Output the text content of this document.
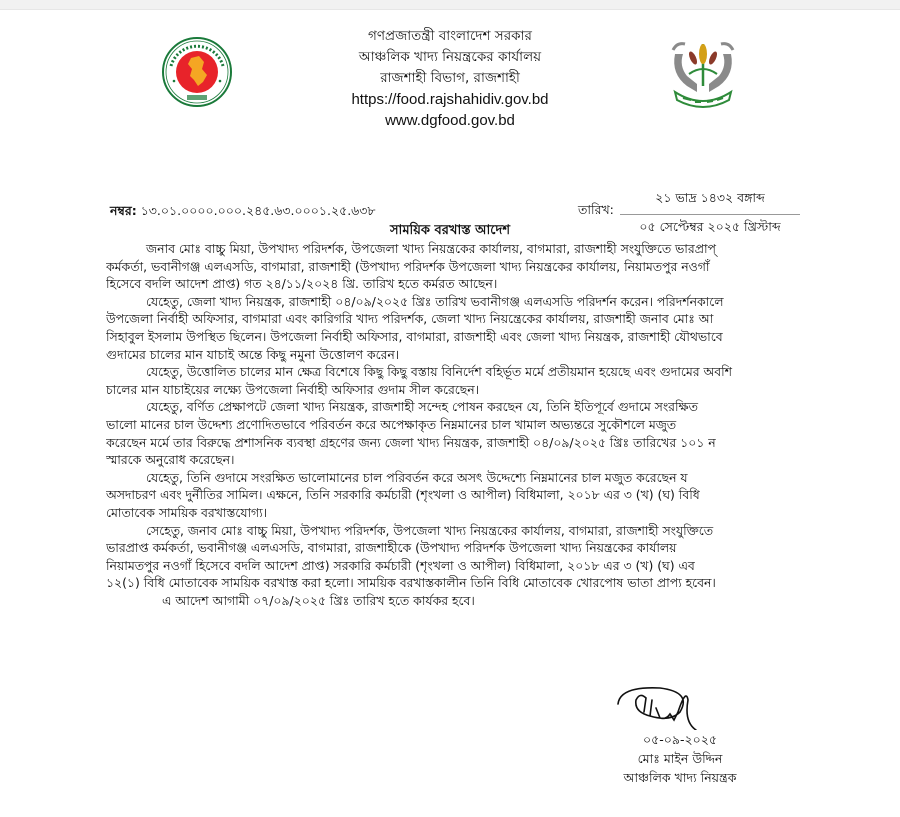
গণপ্রজাতন্ত্রী বাংলাদেশ সরকার
আঞ্চলিক খাদ্য নিয়ন্ত্রকের কার্যালয়
রাজশাহী বিভাগ, রাজশাহী
https://food.rajshahidiv.gov.bd
www.dgfood.gov.bd
তারিখ:
২১ ভাদ্র ১৪৩২ বঙ্গাব্দ
০৫ সেপ্টেম্বর ২০২৫ খ্রিস্টাব্দ
নম্বর: ১৩.০১.০০০০.০০০.২৪৫.৬৩.০০০১.২৫.৬৩৮
সাময়িক বরখাস্ত আদেশ
জনাব মোঃ বাচ্চু মিয়া, উপখাদ্য পরিদর্শক, উপজেলা খাদ্য নিয়ন্ত্রকের কার্যালয়, বাগমারা, রাজশাহী সংযুক্তিতে ভারপ্রাপ্
কর্মকর্তা, ভবানীগঞ্জ এলএসডি, বাগমারা, রাজশাহী (উপখাদ্য পরিদর্শক উপজেলা খাদ্য নিয়ন্ত্রকের কার্যালয়, নিয়ামতপুর নওগাঁ
হিসেবে বদলি আদেশ প্রাপ্ত) গত ২৪/১১/২০২৪ খ্রি. তারিখ হতে কর্মরত আছেন।
যেহেতু, জেলা খাদ্য নিয়ন্ত্রক, রাজশাহী ০৪/০৯/২০২৫ খ্রিঃ তারিখ ভবানীগঞ্জ এলএসডি পরিদর্শন করেন। পরিদর্শনকালে
উপজেলা নির্বাহী অফিসার, বাগমারা এবং কারিগরি খাদ্য পরিদর্শক, জেলা খাদ্য নিয়ন্ত্রেকের কার্যালয়, রাজশাহী জনাব মোঃ আ
সিহাবুল ইসলাম উপস্থিত ছিলেন। উপজেলা নির্বাহী অফিসার, বাগমারা, রাজশাহী এবং জেলা খাদ্য নিয়ন্ত্রক, রাজশাহী যৌথভাবে
গুদামের চালের মান যাচাই অন্তে কিছু নমুনা উত্তোলণ করেন।
যেহেতু, উত্তোলিত চালের মান ক্ষেত্র বিশেষে কিছু কিছু বস্তায় বিনির্দেশ বহির্ভূত মর্মে প্রতীয়মান হয়েছে এবং গুদামের অবশি
চালের মান যাচাইয়ের লক্ষ্যে উপজেলা নির্বাহী অফিসার গুদাম সীল করেছেন।
যেহেতু, বর্ণিত প্রেক্ষাপটে জেলা খাদ্য নিয়ন্ত্রক, রাজশাহী সন্দেহ পোষন করছেন যে, তিনি ইতিপূর্বে গুদামে সংরক্ষিত
ভালো মানের চাল উদ্দেশ্য প্রণোদিতভাবে পরিবর্তন করে অপেক্ষাকৃত নিম্নমানের চাল খামাল অভ্যন্তরে সুকৌশলে মজুত
করেছেন মর্মে তার বিরুদ্ধে প্রশাসনিক ব্যবস্থা গ্রহণের জন্য জেলা খাদ্য নিয়ন্ত্রক, রাজশাহী ০৪/০৯/২০২৫ খ্রিঃ তারিখের ১০১ ন
স্মারকে অনুরোধ করেছেন।
যেহেতু, তিনি গুদামে সংরক্ষিত ভালোমানের চাল পরিবর্তন করে অসৎ উদ্দেশ্যে নিম্নমানের চাল মজুত করেছেন য
অসদাচরণ এবং দুর্নীতির সামিল। এক্ষনে, তিনি সরকারি কর্মচারী (শৃংখলা ও আপীল) বিধিমালা, ২০১৮ এর ৩ (খ) (ঘ) বিধি
মোতাবেক সাময়িক বরখাস্তযোগ্য।
সেহেতু, জনাব মোঃ বাচ্চু মিয়া, উপখাদ্য পরিদর্শক, উপজেলা খাদ্য নিয়ন্ত্রকের কার্যালয়, বাগমারা, রাজশাহী সংযুক্তিতে
ভারপ্রাপ্ত কর্মকর্তা, ভবানীগঞ্জ এলএসডি, বাগমারা, রাজশাহীকে (উপখাদ্য পরিদর্শক উপজেলা খাদ্য নিয়ন্ত্রকের কার্যালয়
নিয়ামতপুর নওগাঁ হিসেবে বদলি আদেশ প্রাপ্ত) সরকারি কর্মচারী (শৃংখলা ও আপীল) বিধিমালা, ২০১৮ এর ৩ (খ) (ঘ) এব
১২(১) বিধি মোতাবেক সাময়িক বরখাস্ত করা হলো। সাময়িক বরখাস্তকালীন তিনি বিধি মোতাবেক খোরপোষ ভাতা প্রাপ্য হবেন।
এ আদেশ আগামী ০৭/০৯/২০২৫ খ্রিঃ তারিখ হতে কার্যকর হবে।
০৫-০৯-২০২৫
মোঃ মাইন উদ্দিন
আঞ্চলিক খাদ্য নিয়ন্ত্রক
